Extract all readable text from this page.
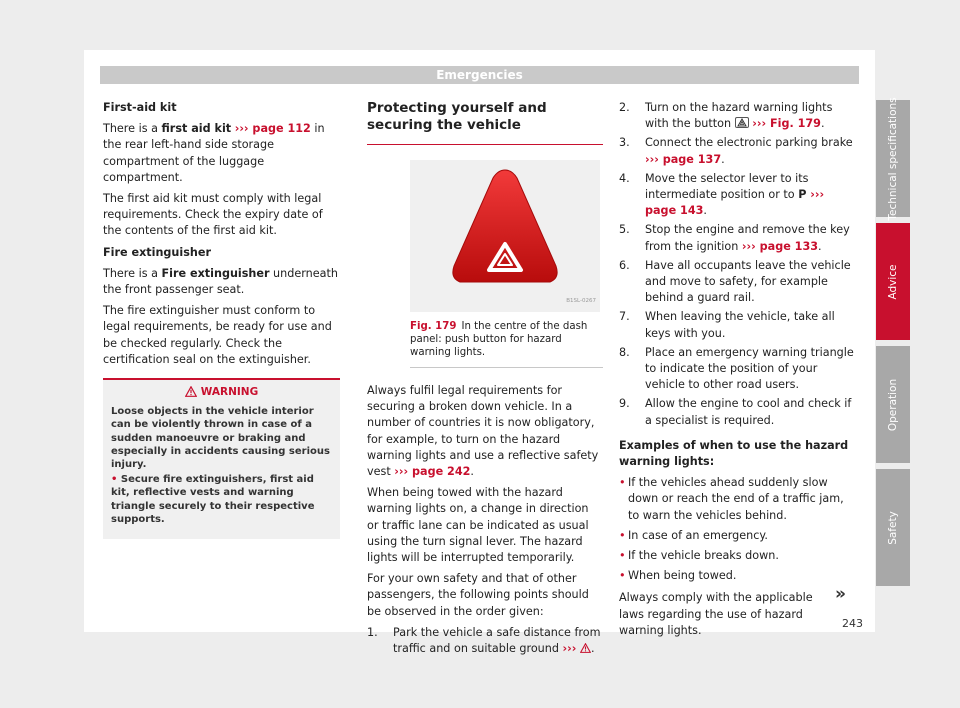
Emergencies

First-aid kit

There is a first aid kit ››› page 112 in the rear left-hand side storage compartment of the luggage compartment.

The first aid kit must comply with legal requirements. Check the expiry date of the contents of the first aid kit.

Fire extinguisher

There is a Fire extinguisher underneath the front passenger seat.

The fire extinguisher must conform to legal requirements, be ready for use and be checked regularly. Check the certification seal on the extinguisher.

WARNING

Loose objects in the vehicle interior can be violently thrown in case of a sudden manoeuvre or braking and especially in accidents causing serious injury.

• Secure fire extinguishers, first aid kit, reflective vests and warning triangle securely to their respective supports.

Protecting yourself and securing the vehicle
B1SL-0267
Fig. 179 In the centre of the dash panel: push button for hazard warning lights.

Always fulfil legal requirements for securing a broken down vehicle. In a number of countries it is now obligatory, for example, to turn on the hazard warning lights and use a reflective safety vest ››› page 242.

When being towed with the hazard warning lights on, a change in direction or traffic lane can be indicated as usual using the turn signal lever. The hazard lights will be interrupted temporarily.

For your own safety and that of other passengers, the following points should be observed in the order given:

1. Park the vehicle a safe distance from traffic and on suitable ground ››› .
2. Turn on the hazard warning lights with the button ››› Fig. 179.
3. Connect the electronic parking brake ››› page 137.
4. Move the selector lever to its intermediate position or to P ››› page 143.
5. Stop the engine and remove the key from the ignition ››› page 133.
6. Have all occupants leave the vehicle and move to safety, for example behind a guard rail.
7. When leaving the vehicle, take all keys with you.
8. Place an emergency warning triangle to indicate the position of your vehicle to other road users.
9. Allow the engine to cool and check if a specialist is required.

Examples of when to use the hazard warning lights:

• If the vehicles ahead suddenly slow down or reach the end of a traffic jam, to warn the vehicles behind.
• In case of an emergency.
• If the vehicle breaks down.
• When being towed.

Always comply with the applicable laws regarding the use of hazard warning lights.

»
243
Technical specifications
Advice
Operation
Safety
